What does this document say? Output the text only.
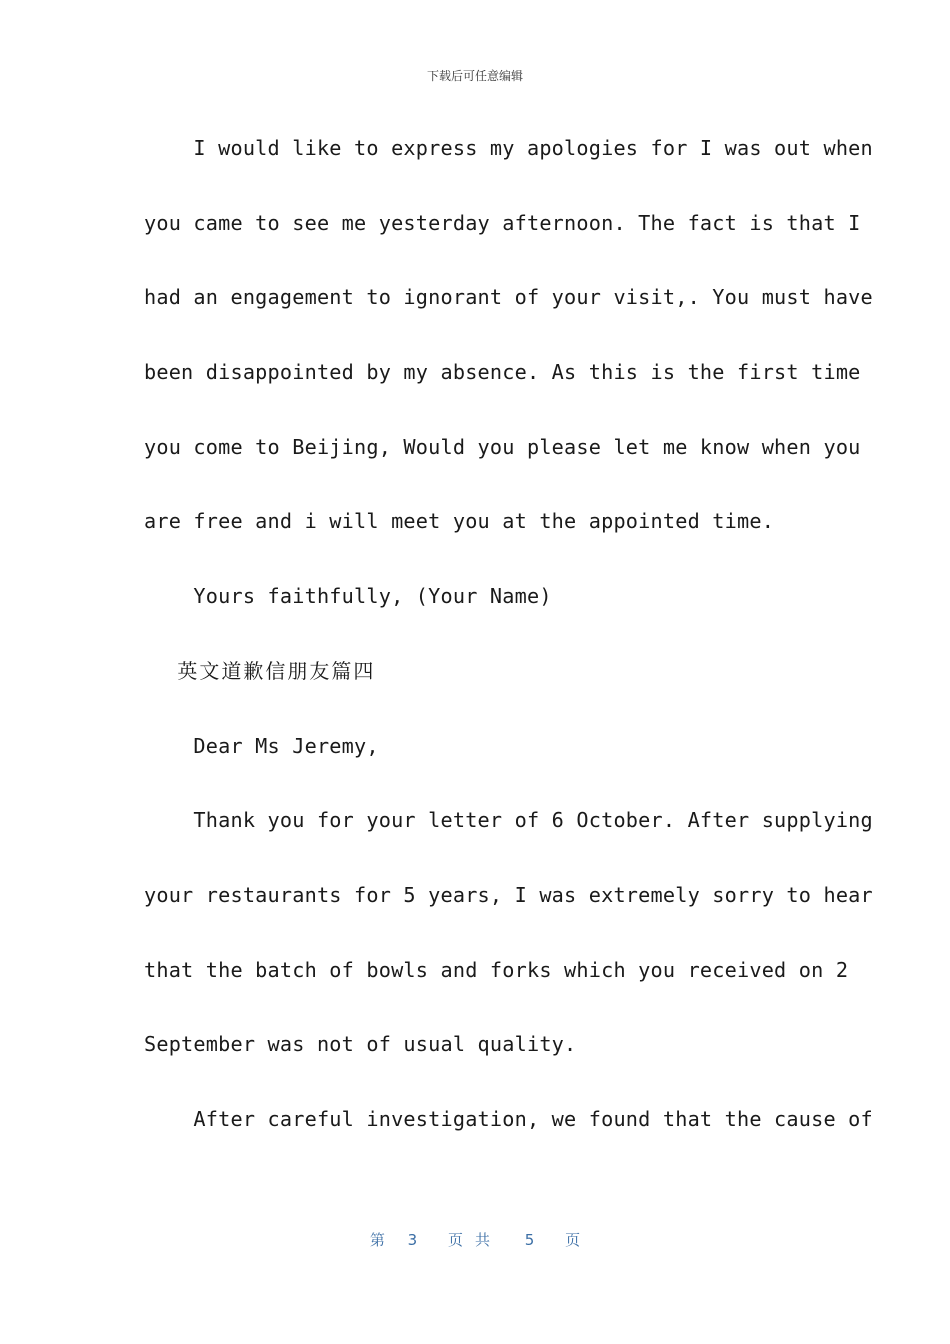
下载后可任意编辑
I would like to express my apologies for I was out when
you came to see me yesterday afternoon. The fact is that I
had an engagement to ignorant of your visit,. You must have
been disappointed by my absence. As this is the first time
you come to Beijing, Would you please let me know when you
are free and i will meet you at the appointed time.
Yours faithfully, (Your Name)
英文道歉信朋友篇四
Dear Ms Jeremy,
Thank you for your letter of 6 October. After supplying
your restaurants for 5 years, I was extremely sorry to hear
that the batch of bowls and forks which you received on 2
September was not of usual quality.
After careful investigation, we found that the cause of
第 3 页共 5 页
